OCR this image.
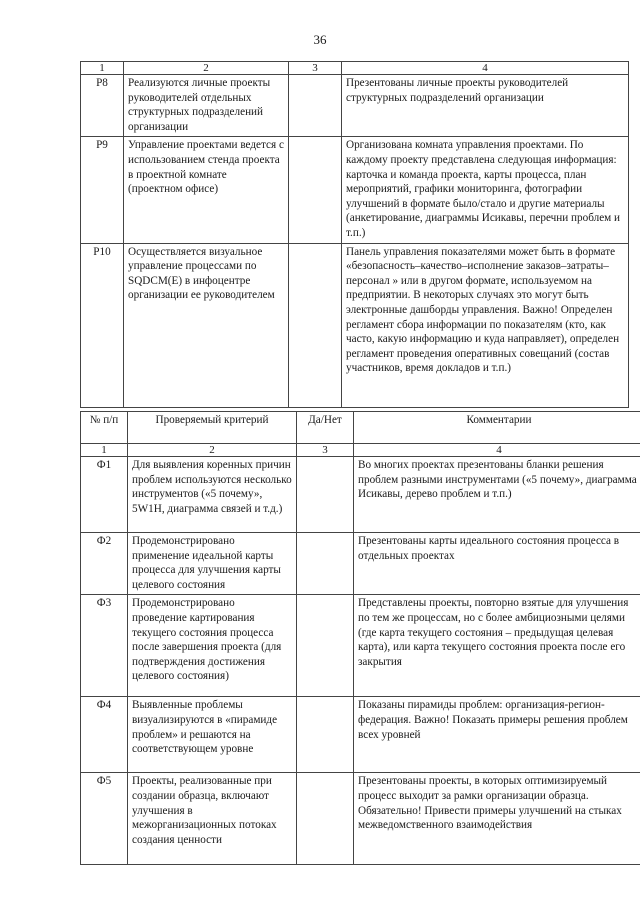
36
1	2	3	4
Р8	Реализуются личные проекты руководителей отдельных структурных подразделений организации		Презентованы личные проекты руководителей структурных подразделений организации
Р9	Управление проектами ведется с использованием стенда проекта в проектной комнате (проектном офисе)		Организована комната управления проектами. По каждому проекту представлена следующая информация: карточка и команда проекта, карты процесса, план мероприятий, графики мониторинга, фотографии улучшений в формате было/стало и другие материалы (анкетирование, диаграммы Исикавы, перечни проблем и т.п.)
Р10	Осуществляется визуальное управление процессами по SQDCM(E) в инфоцентре организации ее руководителем		Панель управления показателями может быть в формате «безопасность–качество–исполнение заказов–затраты–персонал » или в другом формате, используемом на предприятии. В некоторых случаях это могут быть электронные дашборды управления. Важно! Определен регламент сбора информации по показателям (кто, как часто, какую информацию и куда направляет), определен регламент проведения оперативных совещаний (состав участников, время докладов и т.п.)
№ п/п	Проверяемый критерий	Да/Нет	Комментарии
1	2	3	4
Ф1	Для выявления коренных причин проблем используются несколько инструментов («5 почему», 5W1H, диаграмма связей и т.д.)		Во многих проектах презентованы бланки решения проблем разными инструментами («5 почему», диаграмма Исикавы, дерево проблем и т.п.)
Ф2	Продемонстрировано применение идеальной карты процесса для улучшения карты целевого состояния		Презентованы карты идеального состояния процесса в отдельных проектах
Ф3	Продемонстрировано проведение картирования текущего состояния процесса после завершения проекта (для подтверждения достижения целевого состояния)		Представлены проекты, повторно взятые для улучшения по тем же процессам, но с более амбициозными целями (где карта текущего состояния – предыдущая целевая карта), или карта текущего состояния проекта после его закрытия
Ф4	Выявленные проблемы визуализируются в «пирамиде проблем» и решаются на соответствующем уровне		Показаны пирамиды проблем: организация-регион-федерация. Важно! Показать примеры решения проблем всех уровней
Ф5	Проекты, реализованные при создании образца, включают улучшения в межорганизационных потоках создания ценности		Презентованы проекты, в которых оптимизируемый процесс выходит за рамки организации образца. Обязательно! Привести примеры улучшений на стыках межведомственного взаимодействия
